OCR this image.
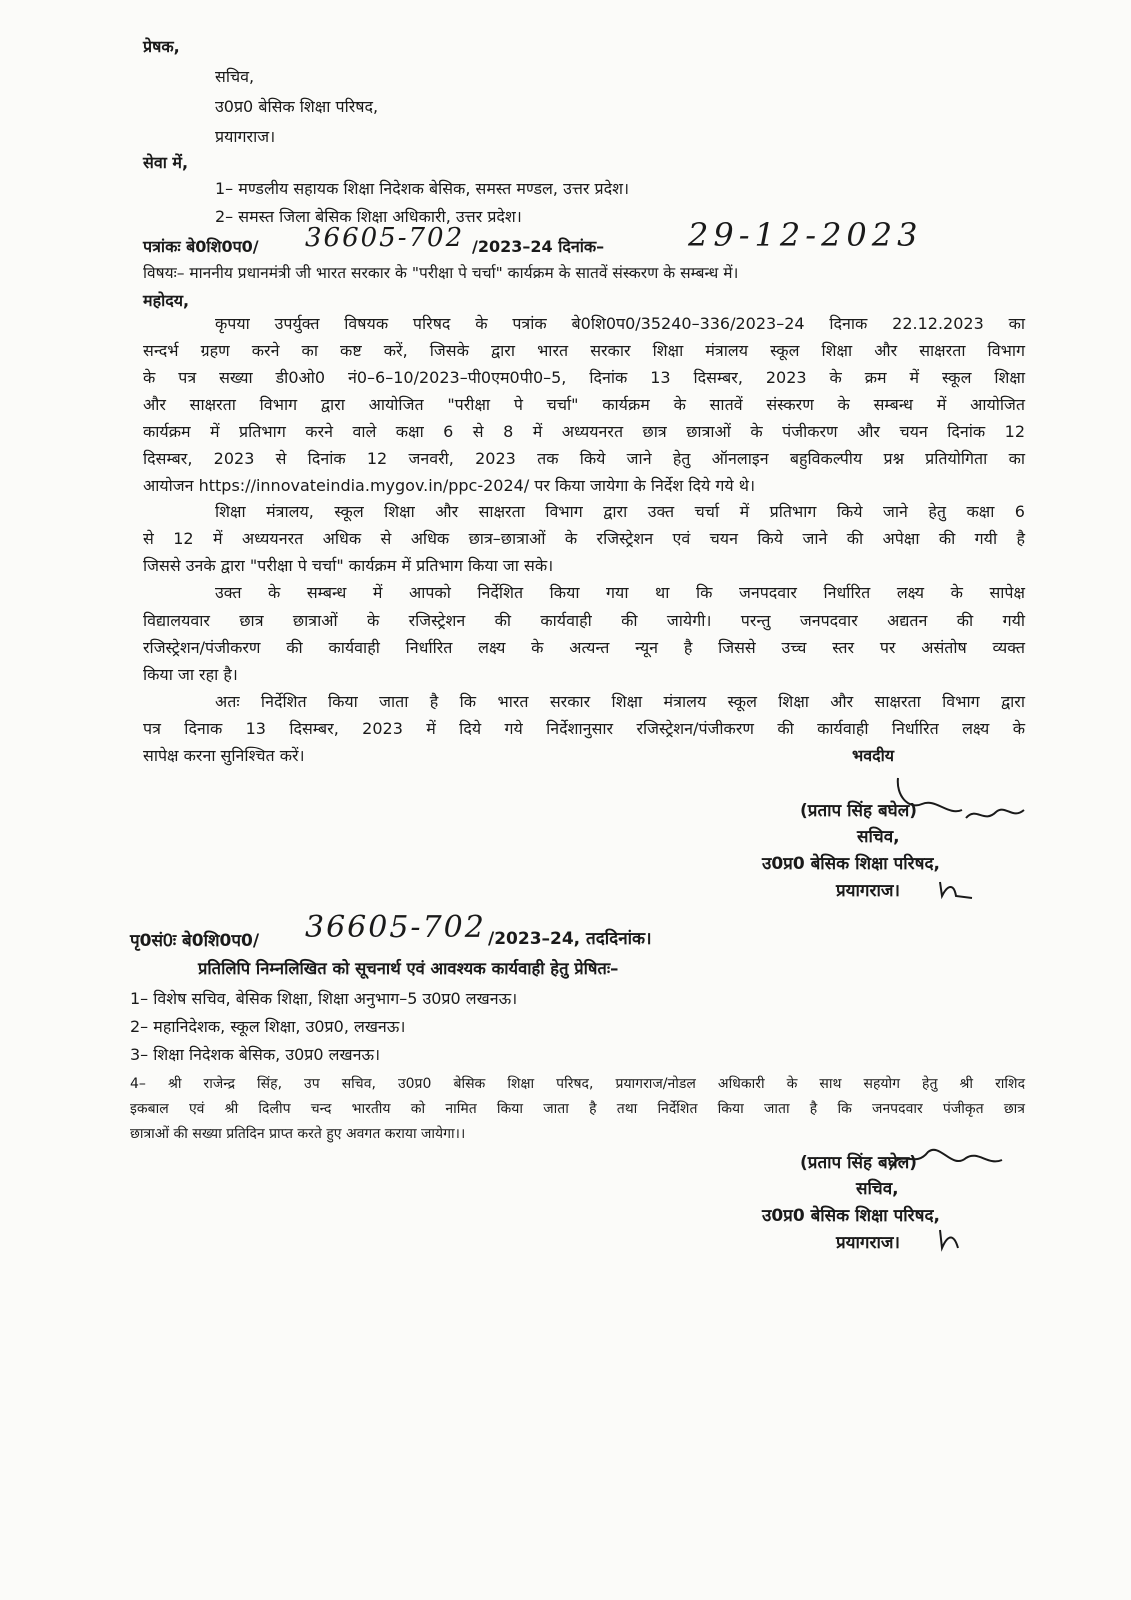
प्रेषक,
सचिव,
उ0प्र0 बेसिक शिक्षा परिषद,
प्रयागराज।
सेवा में,
1– मण्डलीय सहायक शिक्षा निदेशक बेसिक, समस्त मण्डल, उत्तर प्रदेश।
2– समस्त जिला बेसिक शिक्षा अधिकारी, उत्तर प्रदेश।
पत्रांकः बे0शि0प0/ 36605-702 /2023–24 दिनांक–	29-12-2023
विषयः– माननीय प्रधानमंत्री जी भारत सरकार के "परीक्षा पे चर्चा" कार्यक्रम के सातवें संस्करण के सम्बन्ध में।
महोदय,
कृपया उपर्युक्त विषयक परिषद के पत्रांक बे0शि0प0/35240–336/2023–24 दिनाक 22.12.2023 का
सन्दर्भ ग्रहण करने का कष्ट करें, जिसके द्वारा भारत सरकार शिक्षा मंत्रालय स्कूल शिक्षा और साक्षरता विभाग
के पत्र सख्या डी0ओ0 नं0–6–10/2023–पी0एम0पी0–5, दिनांक 13 दिसम्बर, 2023 के क्रम में स्कूल शिक्षा
और साक्षरता विभाग द्वारा आयोजित "परीक्षा पे चर्चा" कार्यक्रम के सातवें संस्करण के सम्बन्ध में आयोजित
कार्यक्रम में प्रतिभाग करने वाले कक्षा 6 से 8 में अध्ययनरत छात्र छात्राओं के पंजीकरण और चयन दिनांक 12
दिसम्बर, 2023 से दिनांक 12 जनवरी, 2023 तक किये जाने हेतु ऑनलाइन बहुविकल्पीय प्रश्न प्रतियोगिता का
आयोजन https://innovateindia.mygov.in/ppc-2024/ पर किया जायेगा के निर्देश दिये गये थे।
शिक्षा मंत्रालय, स्कूल शिक्षा और साक्षरता विभाग द्वारा उक्त चर्चा में प्रतिभाग किये जाने हेतु कक्षा 6
से 12 में अध्ययनरत अधिक से अधिक छात्र–छात्राओं के रजिस्ट्रेशन एवं चयन किये जाने की अपेक्षा की गयी है
जिससे उनके द्वारा "परीक्षा पे चर्चा" कार्यक्रम में प्रतिभाग किया जा सके।
उक्त के सम्बन्ध में आपको निर्देशित किया गया था कि जनपदवार निर्धारित लक्ष्य के सापेक्ष
विद्यालयवार छात्र छात्राओं के रजिस्ट्रेशन की कार्यवाही की जायेगी। परन्तु जनपदवार अद्यतन की गयी
रजिस्ट्रेशन/पंजीकरण की कार्यवाही निर्धारित लक्ष्य के अत्यन्त न्यून है जिससे उच्च स्तर पर असंतोष व्यक्त
किया जा रहा है।
अतः निर्देशित किया जाता है कि भारत सरकार शिक्षा मंत्रालय स्कूल शिक्षा और साक्षरता विभाग द्वारा
पत्र दिनाक 13 दिसम्बर, 2023 में दिये गये निर्देशानुसार रजिस्ट्रेशन/पंजीकरण की कार्यवाही निर्धारित लक्ष्य के
सापेक्ष करना सुनिश्चित करें।	भवदीय
(प्रताप सिंह बघेल)
सचिव,
उ0प्र0 बेसिक शिक्षा परिषद,
प्रयागराज।
पृ0सं0ः बे0शि0प0/ 36605-702 /2023–24, तददिनांक।
प्रतिलिपि निम्नलिखित को सूचनार्थ एवं आवश्यक कार्यवाही हेतु प्रेषितः–
1– विशेष सचिव, बेसिक शिक्षा, शिक्षा अनुभाग–5 उ0प्र0 लखनऊ।
2– महानिदेशक, स्कूल शिक्षा, उ0प्र0, लखनऊ।
3– शिक्षा निदेशक बेसिक, उ0प्र0 लखनऊ।
4– श्री राजेन्द्र सिंह, उप सचिव, उ0प्र0 बेसिक शिक्षा परिषद, प्रयागराज/नोडल अधिकारी के साथ सहयोग हेतु श्री राशिद
इकबाल एवं श्री दिलीप चन्द भारतीय को नामित किया जाता है तथा निर्देशित किया जाता है कि जनपदवार पंजीकृत छात्र
छात्राओं की सख्या प्रतिदिन प्राप्त करते हुए अवगत कराया जायेगा।।
(प्रताप सिंह बघेल)
सचिव,
उ0प्र0 बेसिक शिक्षा परिषद,
प्रयागराज।
